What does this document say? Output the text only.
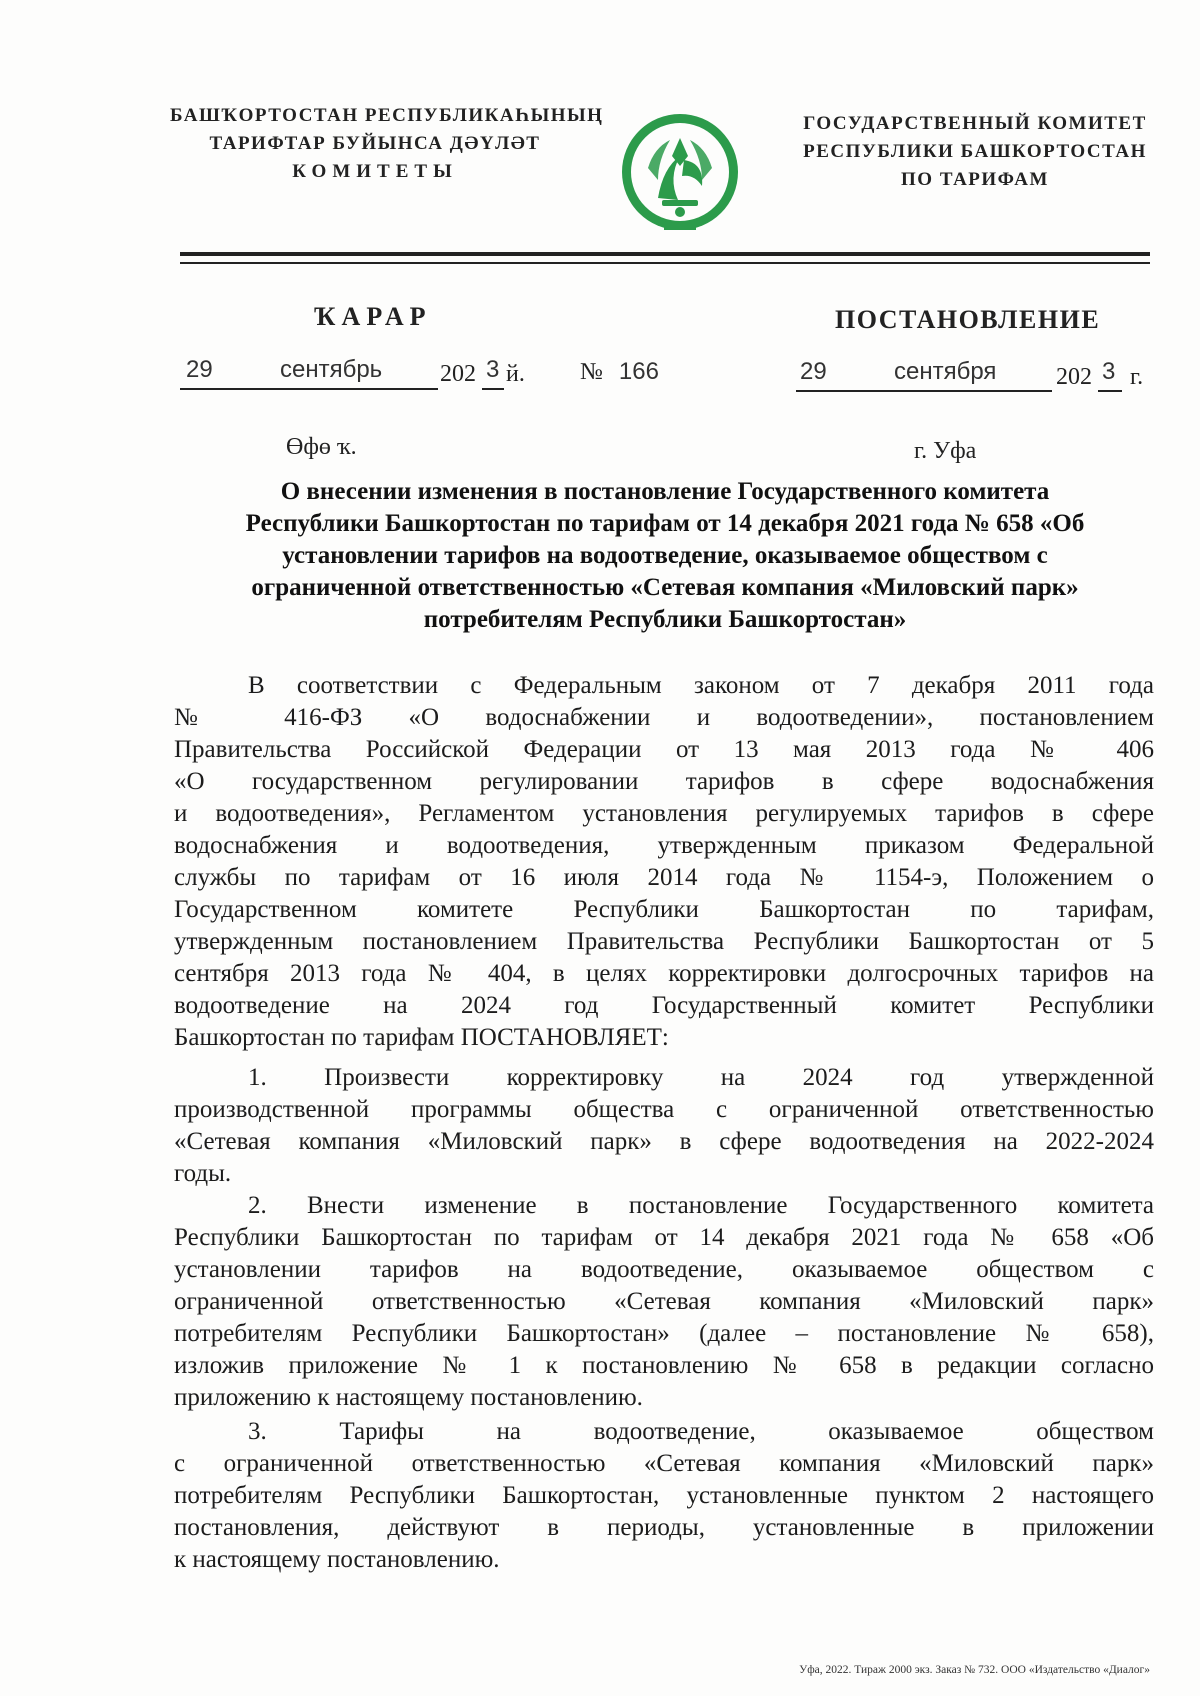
БАШҠОРТОСТАН РЕСПУБЛИКАҺЫНЫҢ
ТАРИФТАР БУЙЫНСА ДӘҮЛӘТ
КОМИТЕТЫ
ГОСУДАРСТВЕННЫЙ КОМИТЕТ
РЕСПУБЛИКИ БАШКОРТОСТАН
ПО ТАРИФАМ
ҠАРАР	ПОСТАНОВЛЕНИЕ
29	сентябрь 202 3 й. № 166	29	сентября 202 3 г.
Өфө ҡ.	г. Уфа
О внесении изменения в постановление Государственного комитета
Республики Башкортостан по тарифам от 14 декабря 2021 года № 658 «Об
установлении тарифов на водоотведение, оказываемое обществом с
ограниченной ответственностью «Сетевая компания «Миловский парк»
потребителям Республики Башкортостан»

В соответствии с Федеральным законом от 7 декабря 2011 года

№ 416-ФЗ «О водоснабжении и водоотведении», постановлением

Правительства Российской Федерации от 13 мая 2013 года № 406

«О государственном регулировании тарифов в сфере водоснабжения

и водоотведения», Регламентом установления регулируемых тарифов в сфере

водоснабжения и водоотведения, утвержденным приказом Федеральной

службы по тарифам от 16 июля 2014 года № 1154-э, Положением о

Государственном комитете Республики Башкортостан по тарифам,

утвержденным постановлением Правительства Республики Башкортостан от 5

сентября 2013 года № 404, в целях корректировки долгосрочных тарифов на

водоотведение на 2024 год Государственный комитет Республики

Башкортостан по тарифам ПОСТАНОВЛЯЕТ:

1. Произвести корректировку на 2024 год утвержденной

производственной программы общества с ограниченной ответственностью

«Сетевая компания «Миловский парк» в сфере водоотведения на 2022-2024

годы.

2. Внести изменение в постановление Государственного комитета

Республики Башкортостан по тарифам от 14 декабря 2021 года № 658 «Об

установлении тарифов на водоотведение, оказываемое обществом с

ограниченной ответственностью «Сетевая компания «Миловский парк»

потребителям Республики Башкортостан» (далее – постановление № 658),

изложив приложение № 1 к постановлению № 658 в редакции согласно

приложению к настоящему постановлению.

3. Тарифы на водоотведение, оказываемое обществом

с ограниченной ответственностью «Сетевая компания «Миловский парк»

потребителям Республики Башкортостан, установленные пунктом 2 настоящего

постановления, действуют в периоды, установленные в приложении

к настоящему постановлению.

Уфа, 2022. Тираж 2000 экз. Заказ № 732. ООО «Издательство «Диалог»
